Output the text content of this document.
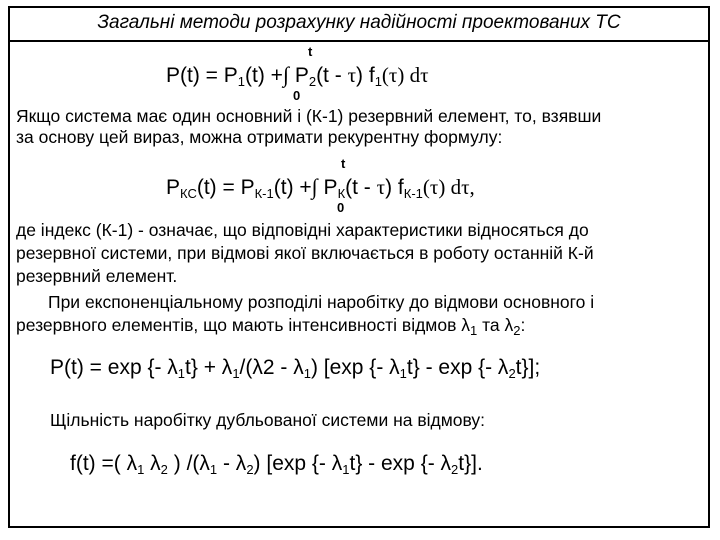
Загальні методи розрахунку надійності проектованих ТС
t
0
$P(t) = P_1(t)$ +∫ $P_2(t - \tau)$ $f_1(\tau)$ dτ
Якщо система має один основний і (К-1) резервний елемент, то, взявши
за основу цей вираз, можна отримати рекурентну формулу:
t
0
$P_{КС}(t) = P_{К-1}(t)$ +∫ $P_К(t - \tau)$ $f_{К-1}(\tau)$ dτ,
де індекс (К-1) - означає, що відповідні характеристики відносяться до
резервної системи, при відмові якої включається в роботу останній К-й
резервний елемент.
При експоненціальному розподілі наробітку до відмови основного і
резервного елементів, що мають інтенсивності відмов $\lambda_1$ та $\lambda_2$:
P(t) = exp {- $\lambda_1t\} + \lambda_1/(\lambda 2 - \lambda_1)$ [exp {- $\lambda_1t$} - exp {- $\lambda_2t$}];
Щільність наробітку дубльованої системи на відмову:
f(t) =( $\lambda_1$ $\lambda_2$ ) $/(\lambda_1 - \lambda_2)$ [exp {- $\lambda_1t$} - exp {- $\lambda_2t$}].
